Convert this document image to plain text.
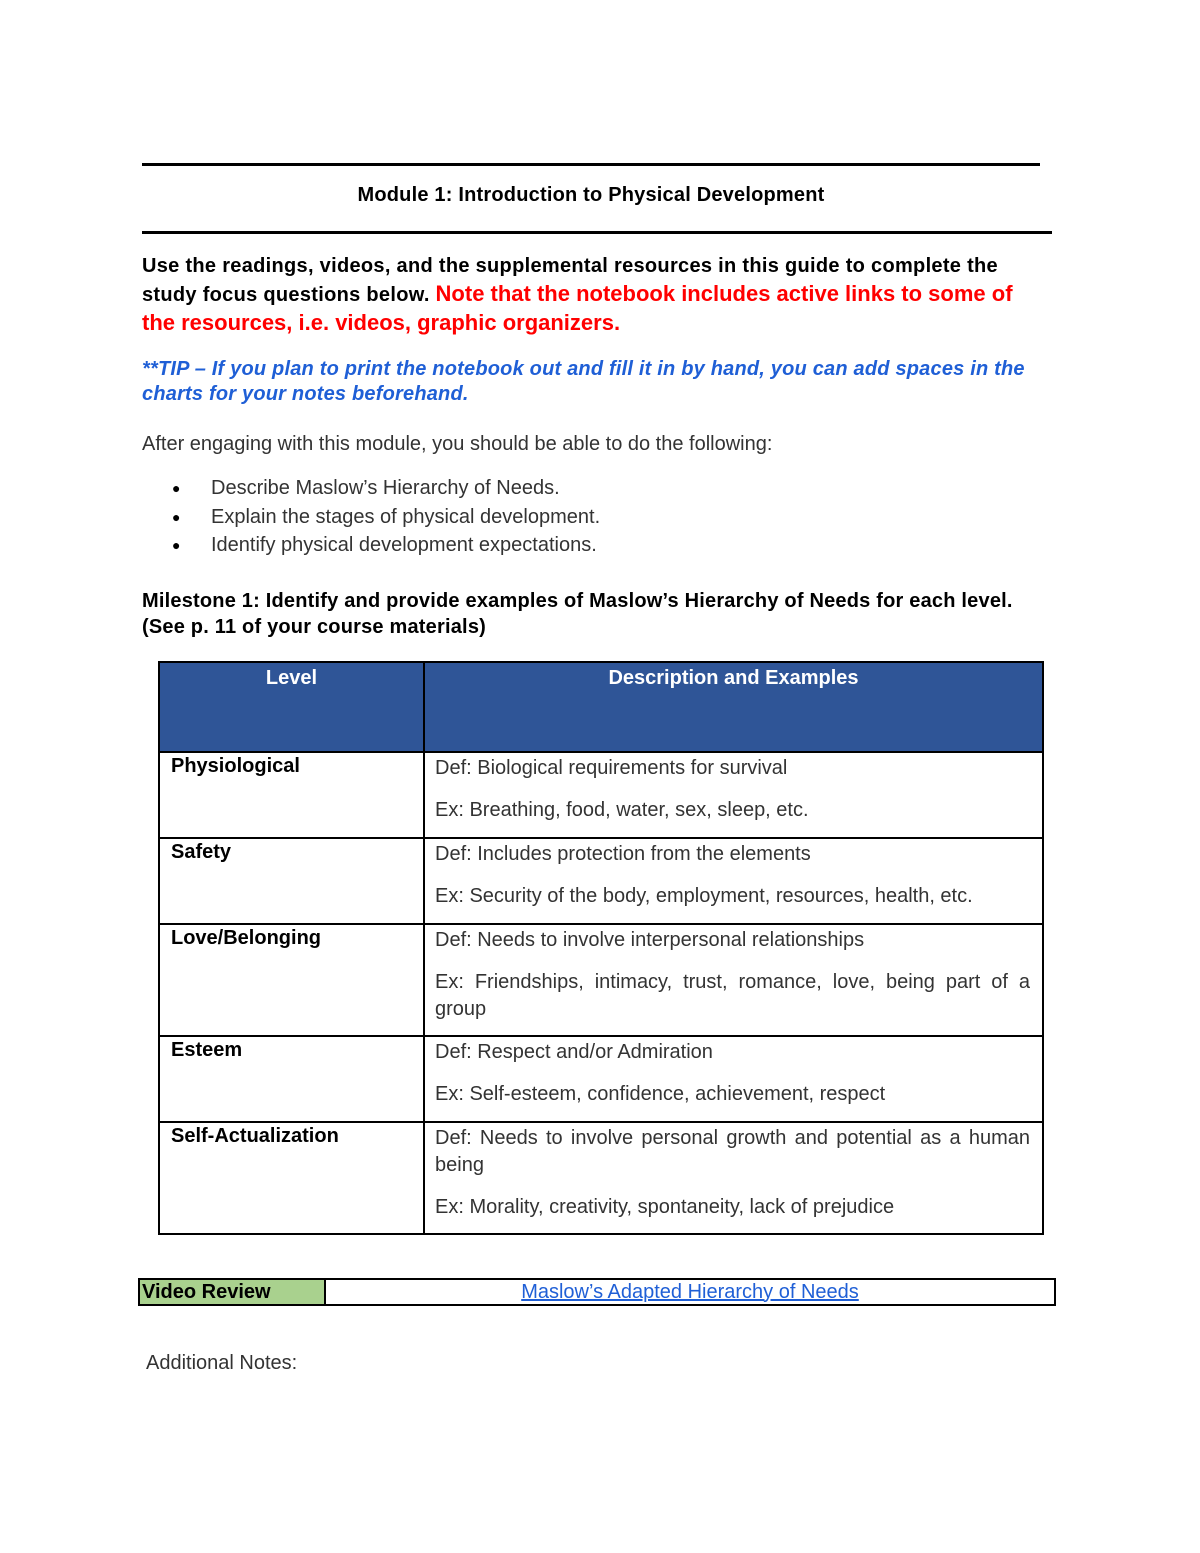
Module 1: Introduction to Physical Development
Use the readings, videos, and the supplemental resources in this guide to complete the study focus questions below. Note that the notebook includes active links to some of the resources, i.e. videos, graphic organizers.
**TIP – If you plan to print the notebook out and fill it in by hand, you can add spaces in the charts for your notes beforehand.
After engaging with this module, you should be able to do the following:
● Describe Maslow’s Hierarchy of Needs.
● Explain the stages of physical development.
● Identify physical development expectations.
Milestone 1: Identify and provide examples of Maslow’s Hierarchy of Needs for each level. (See p. 11 of your course materials)
Level	Description and Examples
Physiological	Def: Biological requirements for survival

Ex: Breathing, food, water, sex, sleep, etc.

Safety	Def: Includes protection from the elements

Ex: Security of the body, employment, resources, health, etc.

Love/Belonging	Def: Needs to involve interpersonal relationships

Ex: Friendships, intimacy, trust, romance, love, being part of a group

Esteem	Def: Respect and/or Admiration

Ex: Self-esteem, confidence, achievement, respect

Self-Actualization	Def: Needs to involve personal growth and potential as a human being

Ex: Morality, creativity, spontaneity, lack of prejudice

Video Review	Maslow’s Adapted Hierarchy of Needs
Additional Notes:
